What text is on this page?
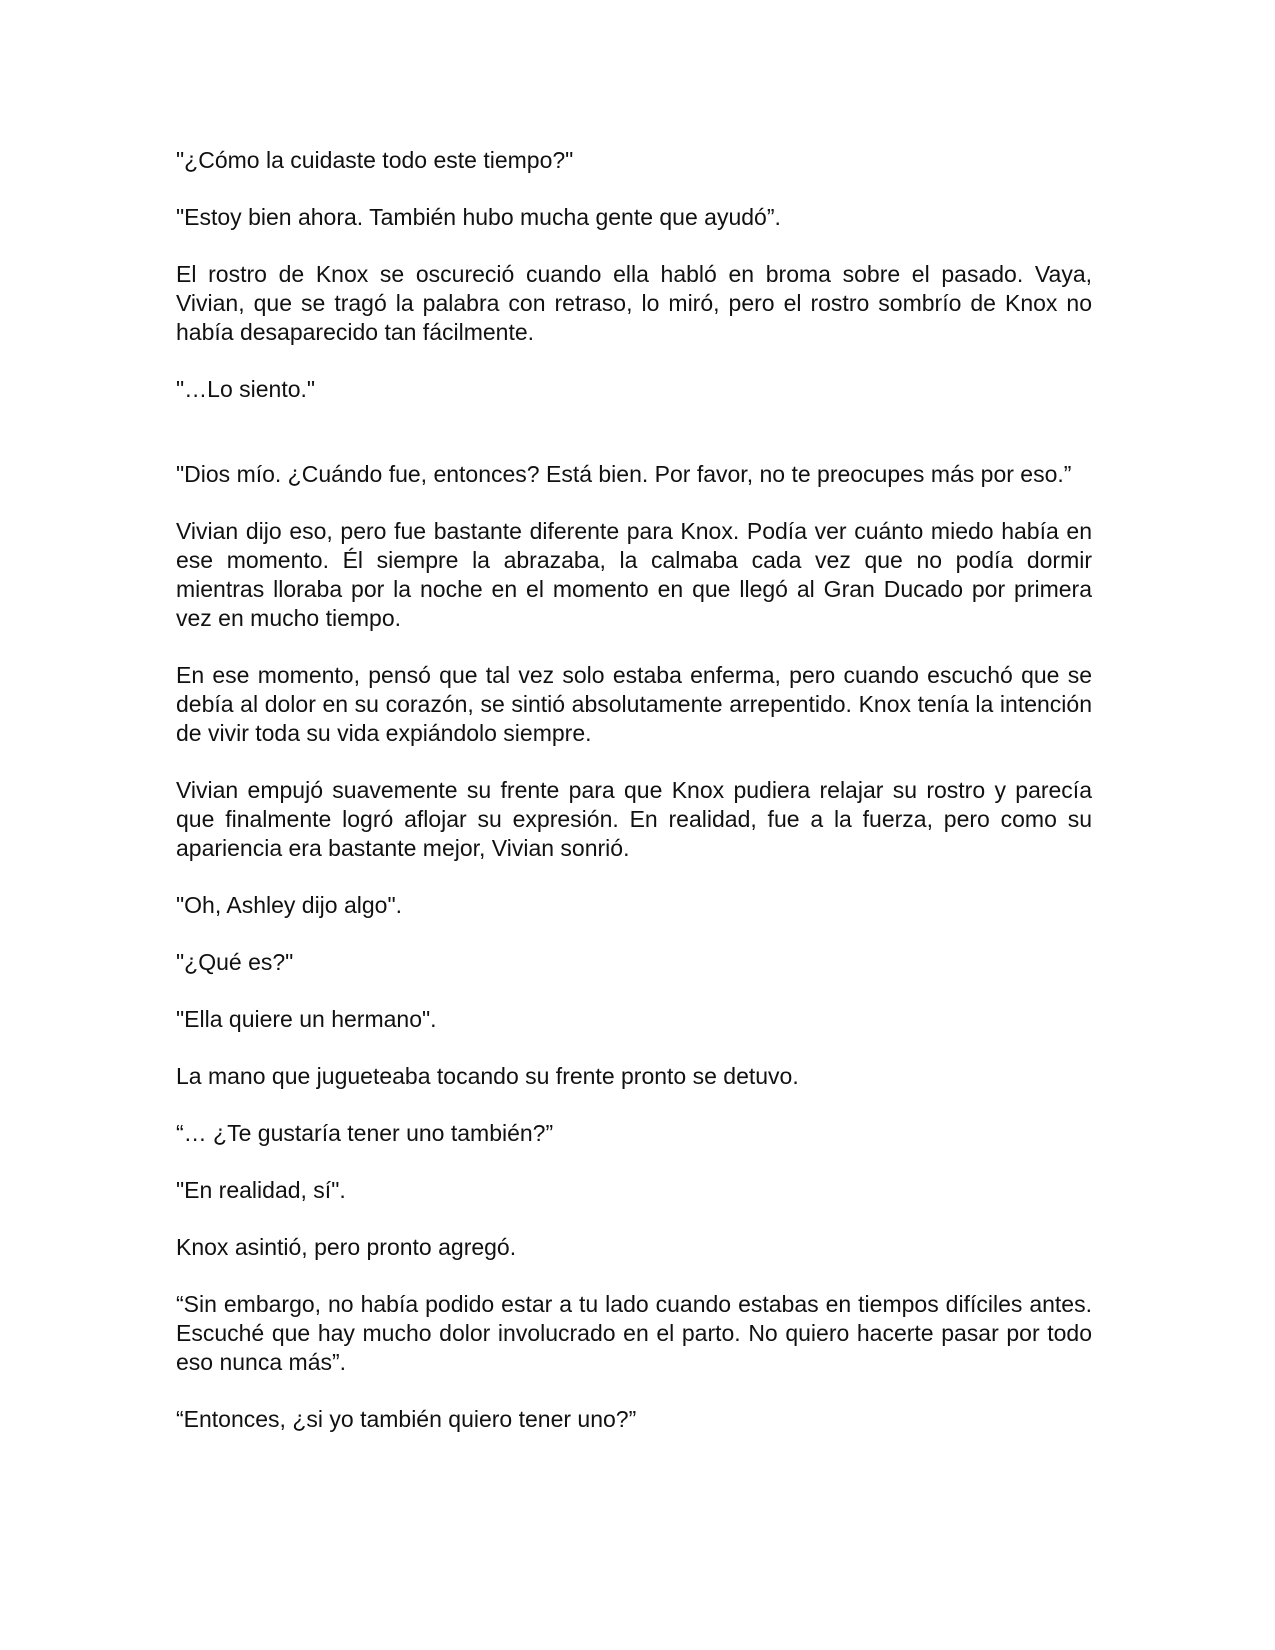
"¿Cómo la cuidaste todo este tiempo?"

"Estoy bien ahora. También hubo mucha gente que ayudó”.

El rostro de Knox se oscureció cuando ella habló en broma sobre el pasado. Vaya, Vivian, que se tragó la palabra con retraso, lo miró, pero el rostro sombrío de Knox no había desaparecido tan fácilmente.

"…Lo siento."

"Dios mío. ¿Cuándo fue, entonces? Está bien. Por favor, no te preocupes más por eso.”

Vivian dijo eso, pero fue bastante diferente para Knox. Podía ver cuánto miedo había en ese momento. Él siempre la abrazaba, la calmaba cada vez que no podía dormir mientras lloraba por la noche en el momento en que llegó al Gran Ducado por primera vez en mucho tiempo.

En ese momento, pensó que tal vez solo estaba enferma, pero cuando escuchó que se debía al dolor en su corazón, se sintió absolutamente arrepentido. Knox tenía la intención de vivir toda su vida expiándolo siempre.

Vivian empujó suavemente su frente para que Knox pudiera relajar su rostro y parecía que finalmente logró aflojar su expresión. En realidad, fue a la fuerza, pero como su apariencia era bastante mejor, Vivian sonrió.

"Oh, Ashley dijo algo".

"¿Qué es?"

"Ella quiere un hermano".

La mano que jugueteaba tocando su frente pronto se detuvo.

“… ¿Te gustaría tener uno también?”

"En realidad, sí".

Knox asintió, pero pronto agregó.

“Sin embargo, no había podido estar a tu lado cuando estabas en tiempos difíciles antes. Escuché que hay mucho dolor involucrado en el parto. No quiero hacerte pasar por todo eso nunca más”.

“Entonces, ¿si yo también quiero tener uno?”
